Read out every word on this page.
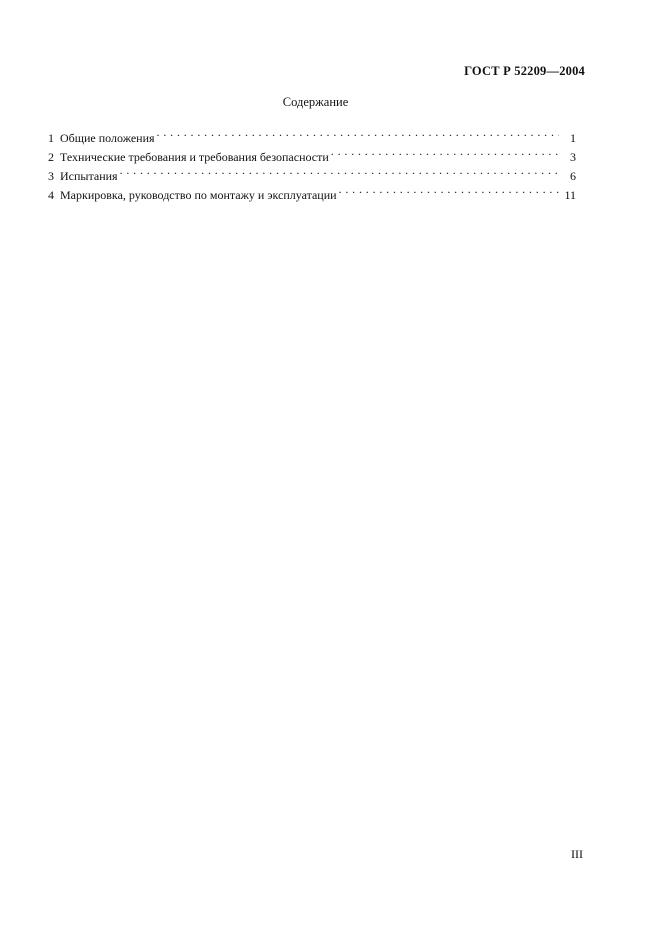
ГОСТ Р 52209—2004
Содержание
1 Общие положения . . .	1
2 Технические требования и требования безопасности . . .	3
3 Испытания . . .	6
4 Маркировка, руководство по монтажу и эксплуатации . . .	11
III
